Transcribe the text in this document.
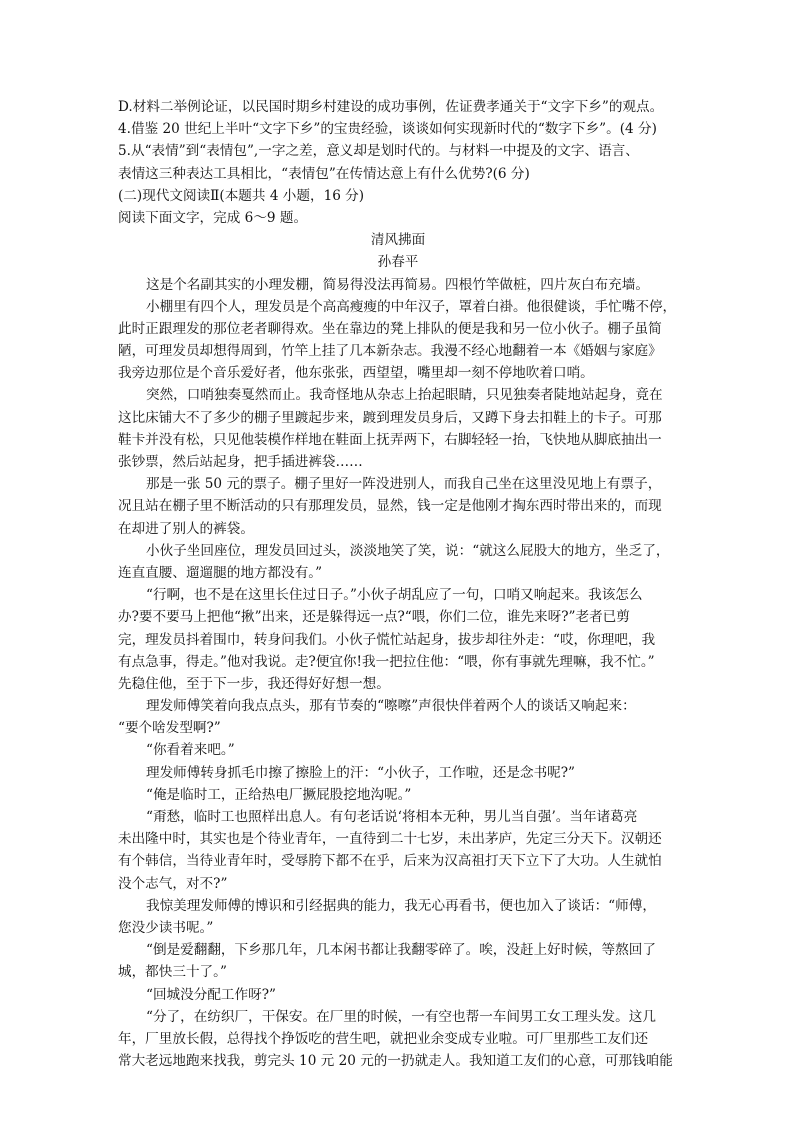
D.材料二举例论证，以民国时期乡村建设的成功事例，佐证费孝通关于“文字下乡”的观点。
4.借鉴 20 世纪上半叶“文字下乡”的宝贵经验，谈谈如何实现新时代的“数字下乡”。(4 分)
5.从“表情”到“表情包”,一字之差，意义却是划时代的。与材料一中提及的文字、语言、
表情这三种表达工具相比，“表情包”在传情达意上有什么优势?(6 分)
(二)现代文阅读Ⅱ(本题共 4 小题，16 分)
阅读下面文字，完成 6～9 题。
清风拂面
孙春平
这是个名副其实的小理发棚，简易得没法再简易。四根竹竿做桩，四片灰白布充墙。
小棚里有四个人，理发员是个高高瘦瘦的中年汉子，罩着白褂。他很健谈，手忙嘴不停，
此时正跟理发的那位老者聊得欢。坐在靠边的凳上排队的便是我和另一位小伙子。棚子虽简
陋，可理发员却想得周到，竹竿上挂了几本新杂志。我漫不经心地翻着一本《婚姻与家庭》
我旁边那位是个音乐爱好者，他东张张，西望望，嘴里却一刻不停地吹着口哨。
突然，口哨独奏戛然而止。我奇怪地从杂志上抬起眼睛，只见独奏者陡地站起身，竟在
这比床铺大不了多少的棚子里踱起步来，踱到理发员身后，又蹲下身去扣鞋上的卡子。可那
鞋卡并没有松，只见他装模作样地在鞋面上抚弄两下，右脚轻轻一抬，飞快地从脚底抽出一
张钞票，然后站起身，把手插进裤袋……
那是一张 50 元的票子。棚子里好一阵没进别人，而我自己坐在这里没见地上有票子，
况且站在棚子里不断活动的只有那理发员，显然，钱一定是他刚才掏东西时带出来的，而现
在却进了别人的裤袋。
小伙子坐回座位，理发员回过头，淡淡地笑了笑，说：“就这么屁股大的地方，坐乏了，
连直直腰、遛遛腿的地方都没有。”
“行啊，也不是在这里长住过日子。”小伙子胡乱应了一句，口哨又响起来。我该怎么
办?要不要马上把他“揪”出来，还是躲得远一点?“喂，你们二位，谁先来呀?”老者已剪
完，理发员抖着围巾，转身问我们。小伙子慌忙站起身，拔步却往外走：“哎，你理吧，我
有点急事，得走。”他对我说。走?便宜你!我一把拉住他：“喂，你有事就先理嘛，我不忙。”
先稳住他，至于下一步，我还得好好想一想。
理发师傅笑着向我点点头，那有节奏的“嚓嚓”声很快伴着两个人的谈话又响起来：
“要个啥发型啊?”
“你看着来吧。”
理发师傅转身抓毛巾擦了擦脸上的汗：“小伙子，工作啦，还是念书呢?”
“俺是临时工，正给热电厂撅屁股挖地沟呢。”
“甭愁，临时工也照样出息人。有句老话说‘将相本无种，男儿当自强’。当年诸葛亮
未出隆中时，其实也是个待业青年，一直待到二十七岁，未出茅庐，先定三分天下。汉朝还
有个韩信，当待业青年时，受辱胯下都不在乎，后来为汉高祖打天下立下了大功。人生就怕
没个志气，对不?”
我惊美理发师傅的博识和引经据典的能力，我无心再看书，便也加入了谈话：“师傅，
您没少读书呢。”
“倒是爱翻翻，下乡那几年，几本闲书都让我翻零碎了。唉，没赶上好时候，等熬回了
城，都快三十了。”
“回城没分配工作呀?”
“分了，在纺织厂，干保安。在厂里的时候，一有空也帮一车间男工女工理头发。这几
年，厂里放长假，总得找个挣饭吃的营生吧，就把业余变成专业啦。可厂里那些工友们还
常大老远地跑来找我，剪完头 10 元 20 元的一扔就走人。我知道工友们的心意，可那钱咱能
